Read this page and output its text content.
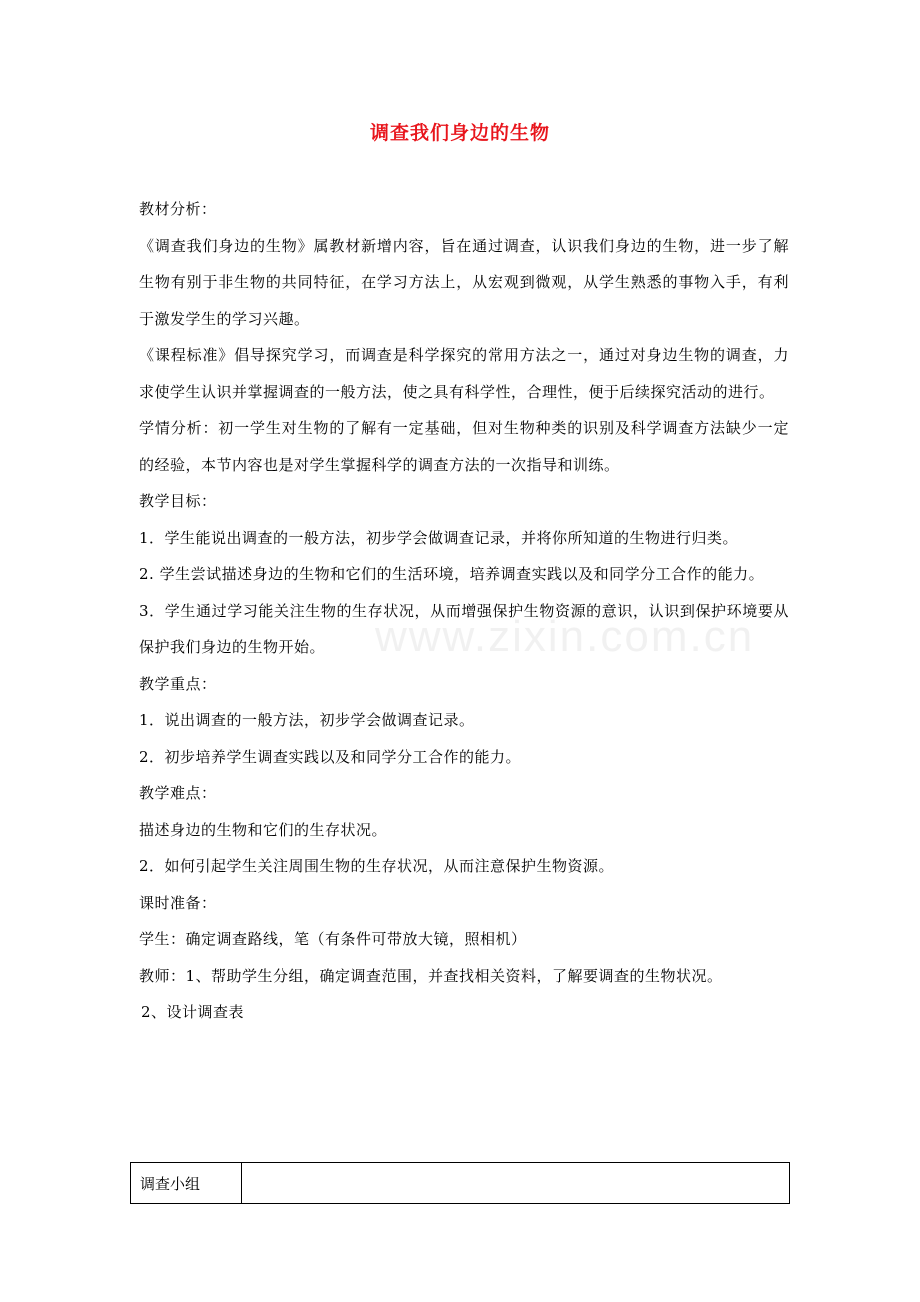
调查我们身边的生物

教材分析：

《调查我们身边的生物》属教材新增内容，旨在通过调查，认识我们身边的生物，进一步了解生物有别于非生物的共同特征，在学习方法上，从宏观到微观，从学生熟悉的事物入手，有利于激发学生的学习兴趣。

《课程标准》倡导探究学习，而调查是科学探究的常用方法之一，通过对身边生物的调查，力求使学生认识并掌握调查的一般方法，使之具有科学性，合理性，便于后续探究活动的进行。

学情分析：初一学生对生物的了解有一定基础，但对生物种类的识别及科学调查方法缺少一定的经验，本节内容也是对学生掌握科学的调查方法的一次指导和训练。

教学目标：

1．学生能说出调查的一般方法，初步学会做调查记录，并将你所知道的生物进行归类。

2. 学生尝试描述身边的生物和它们的生活环境，培养调查实践以及和同学分工合作的能力。

3．学生通过学习能关注生物的生存状况，从而增强保护生物资源的意识，认识到保护环境要从保护我们身边的生物开始。

教学重点：

1．说出调查的一般方法，初步学会做调查记录。

2．初步培养学生调查实践以及和同学分工合作的能力。

教学难点：

描述身边的生物和它们的生存状况。

2．如何引起学生关注周围生物的生存状况，从而注意保护生物资源。

课时准备：

学生：确定调查路线，笔（有条件可带放大镜，照相机）

教师：1、帮助学生分组，确定调查范围，并查找相关资料，了解要调查的生物状况。

2、设计调查表

www.zixin.com.cn
调查小组	
